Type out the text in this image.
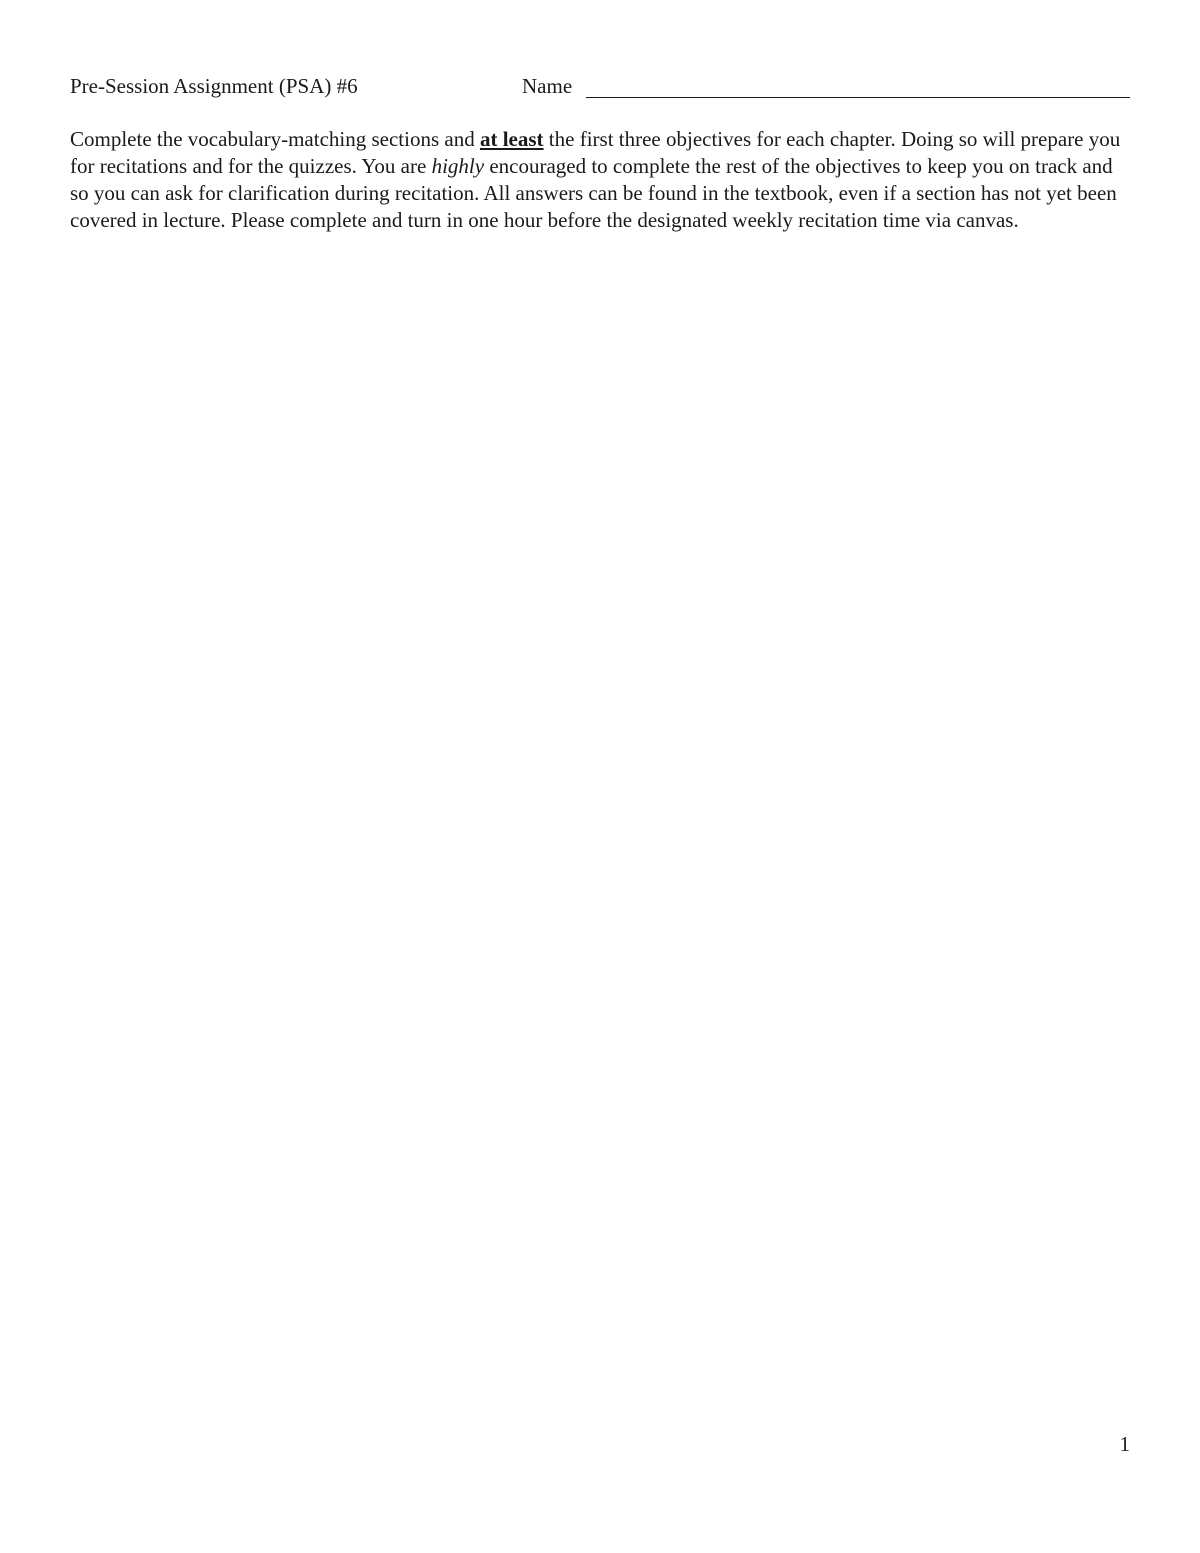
Pre-Session Assignment (PSA) #6	Name

Complete the vocabulary-matching sections and at least the first three objectives for each chapter. Doing so will prepare you for recitations and for the quizzes. You are highly encouraged to complete the rest of the objectives to keep you on track and so you can ask for clarification during recitation. All answers can be found in the textbook, even if a section has not yet been covered in lecture. Please complete and turn in one hour before the designated weekly recitation time via canvas.

1
